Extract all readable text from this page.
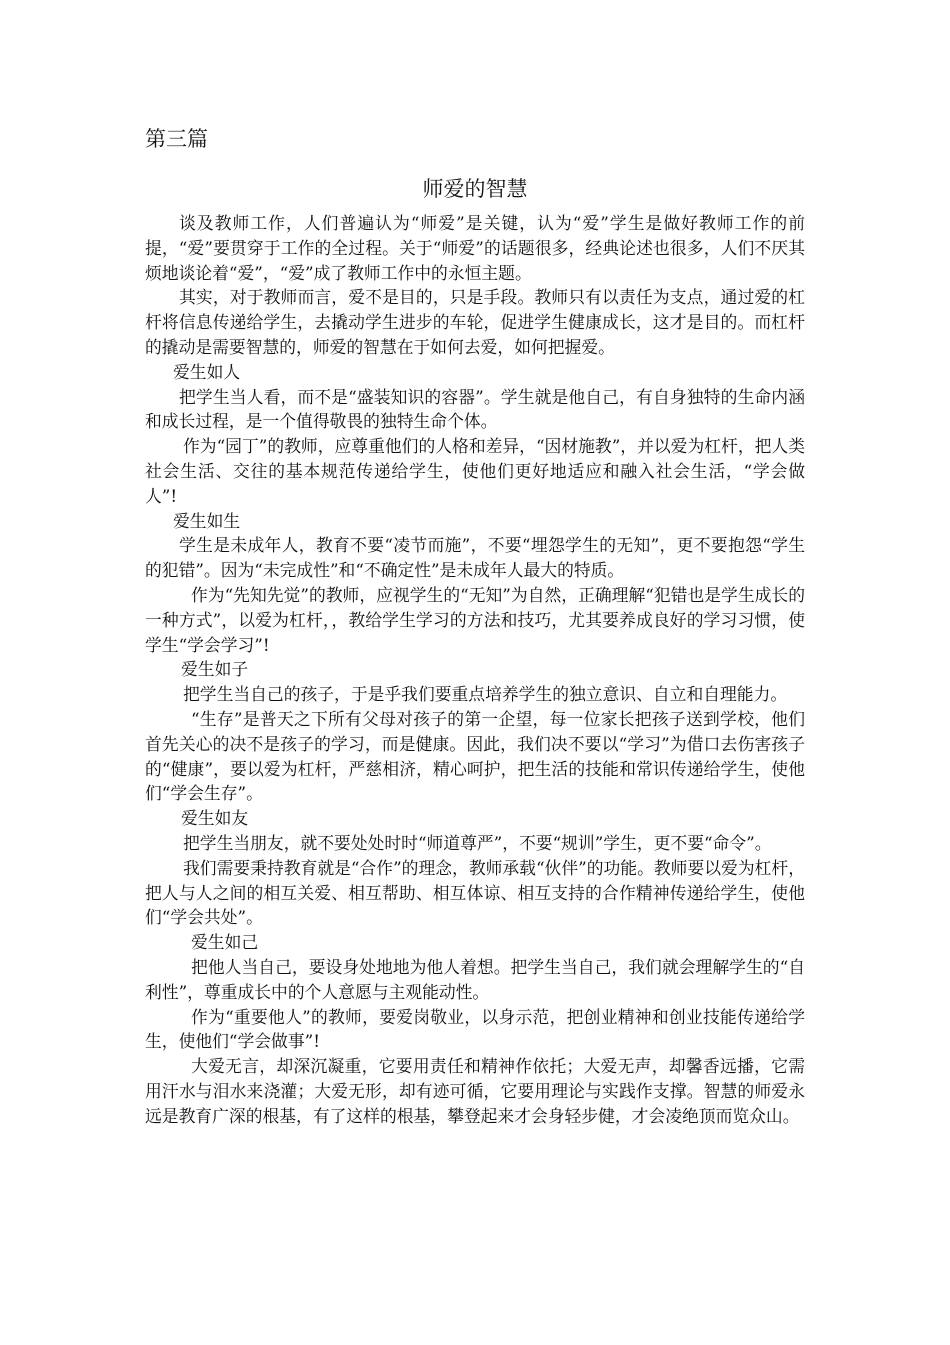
第三篇
师爱的智慧

谈及教师工作，人们普遍认为“师爱”是关键，认为“爱”学生是做好教师工作的前提，“爱”要贯穿于工作的全过程。关于“师爱”的话题很多，经典论述也很多，人们不厌其烦地谈论着“爱”，“爱”成了教师工作中的永恒主题。

其实，对于教师而言，爱不是目的，只是手段。教师只有以责任为支点，通过爱的杠杆将信息传递给学生，去撬动学生进步的车轮，促进学生健康成长，这才是目的。而杠杆的撬动是需要智慧的，师爱的智慧在于如何去爱，如何把握爱。

爱生如人

把学生当人看，而不是“盛装知识的容器”。学生就是他自己，有自身独特的生命内涵和成长过程，是一个值得敬畏的独特生命个体。

作为“园丁”的教师，应尊重他们的人格和差异，“因材施教”，并以爱为杠杆，把人类社会生活、交往的基本规范传递给学生，使他们更好地适应和融入社会生活，“学会做人”!

爱生如生

学生是未成年人，教育不要“凌节而施”，不要“埋怨学生的无知”，更不要抱怨“学生的犯错”。因为“未完成性”和“不确定性”是未成年人最大的特质。

作为“先知先觉”的教师，应视学生的“无知”为自然，正确理解“犯错也是学生成长的一种方式”，以爱为杠杆，，教给学生学习的方法和技巧，尤其要养成良好的学习习惯，使学生“学会学习”!

爱生如子

把学生当自己的孩子，于是乎我们要重点培养学生的独立意识、自立和自理能力。

“生存”是普天之下所有父母对孩子的第一企望，每一位家长把孩子送到学校，他们首先关心的决不是孩子的学习，而是健康。因此，我们决不要以“学习”为借口去伤害孩子的“健康”，要以爱为杠杆，严慈相济，精心呵护，把生活的技能和常识传递给学生，使他们“学会生存”。

爱生如友

把学生当朋友，就不要处处时时“师道尊严”，不要“规训”学生，更不要“命令”。

我们需要秉持教育就是“合作”的理念，教师承载“伙伴”的功能。教师要以爱为杠杆，把人与人之间的相互关爱、相互帮助、相互体谅、相互支持的合作精神传递给学生，使他们“学会共处”。

爱生如己

把他人当自己，要设身处地地为他人着想。把学生当自己，我们就会理解学生的“自利性”，尊重成长中的个人意愿与主观能动性。

作为“重要他人”的教师，要爱岗敬业，以身示范，把创业精神和创业技能传递给学生，使他们“学会做事”!

大爱无言，却深沉凝重，它要用责任和精神作依托；大爱无声，却馨香远播，它需用汗水与泪水来浇灌；大爱无形，却有迹可循，它要用理论与实践作支撑。智慧的师爱永远是教育广深的根基，有了这样的根基，攀登起来才会身轻步健，才会凌绝顶而览众山。
